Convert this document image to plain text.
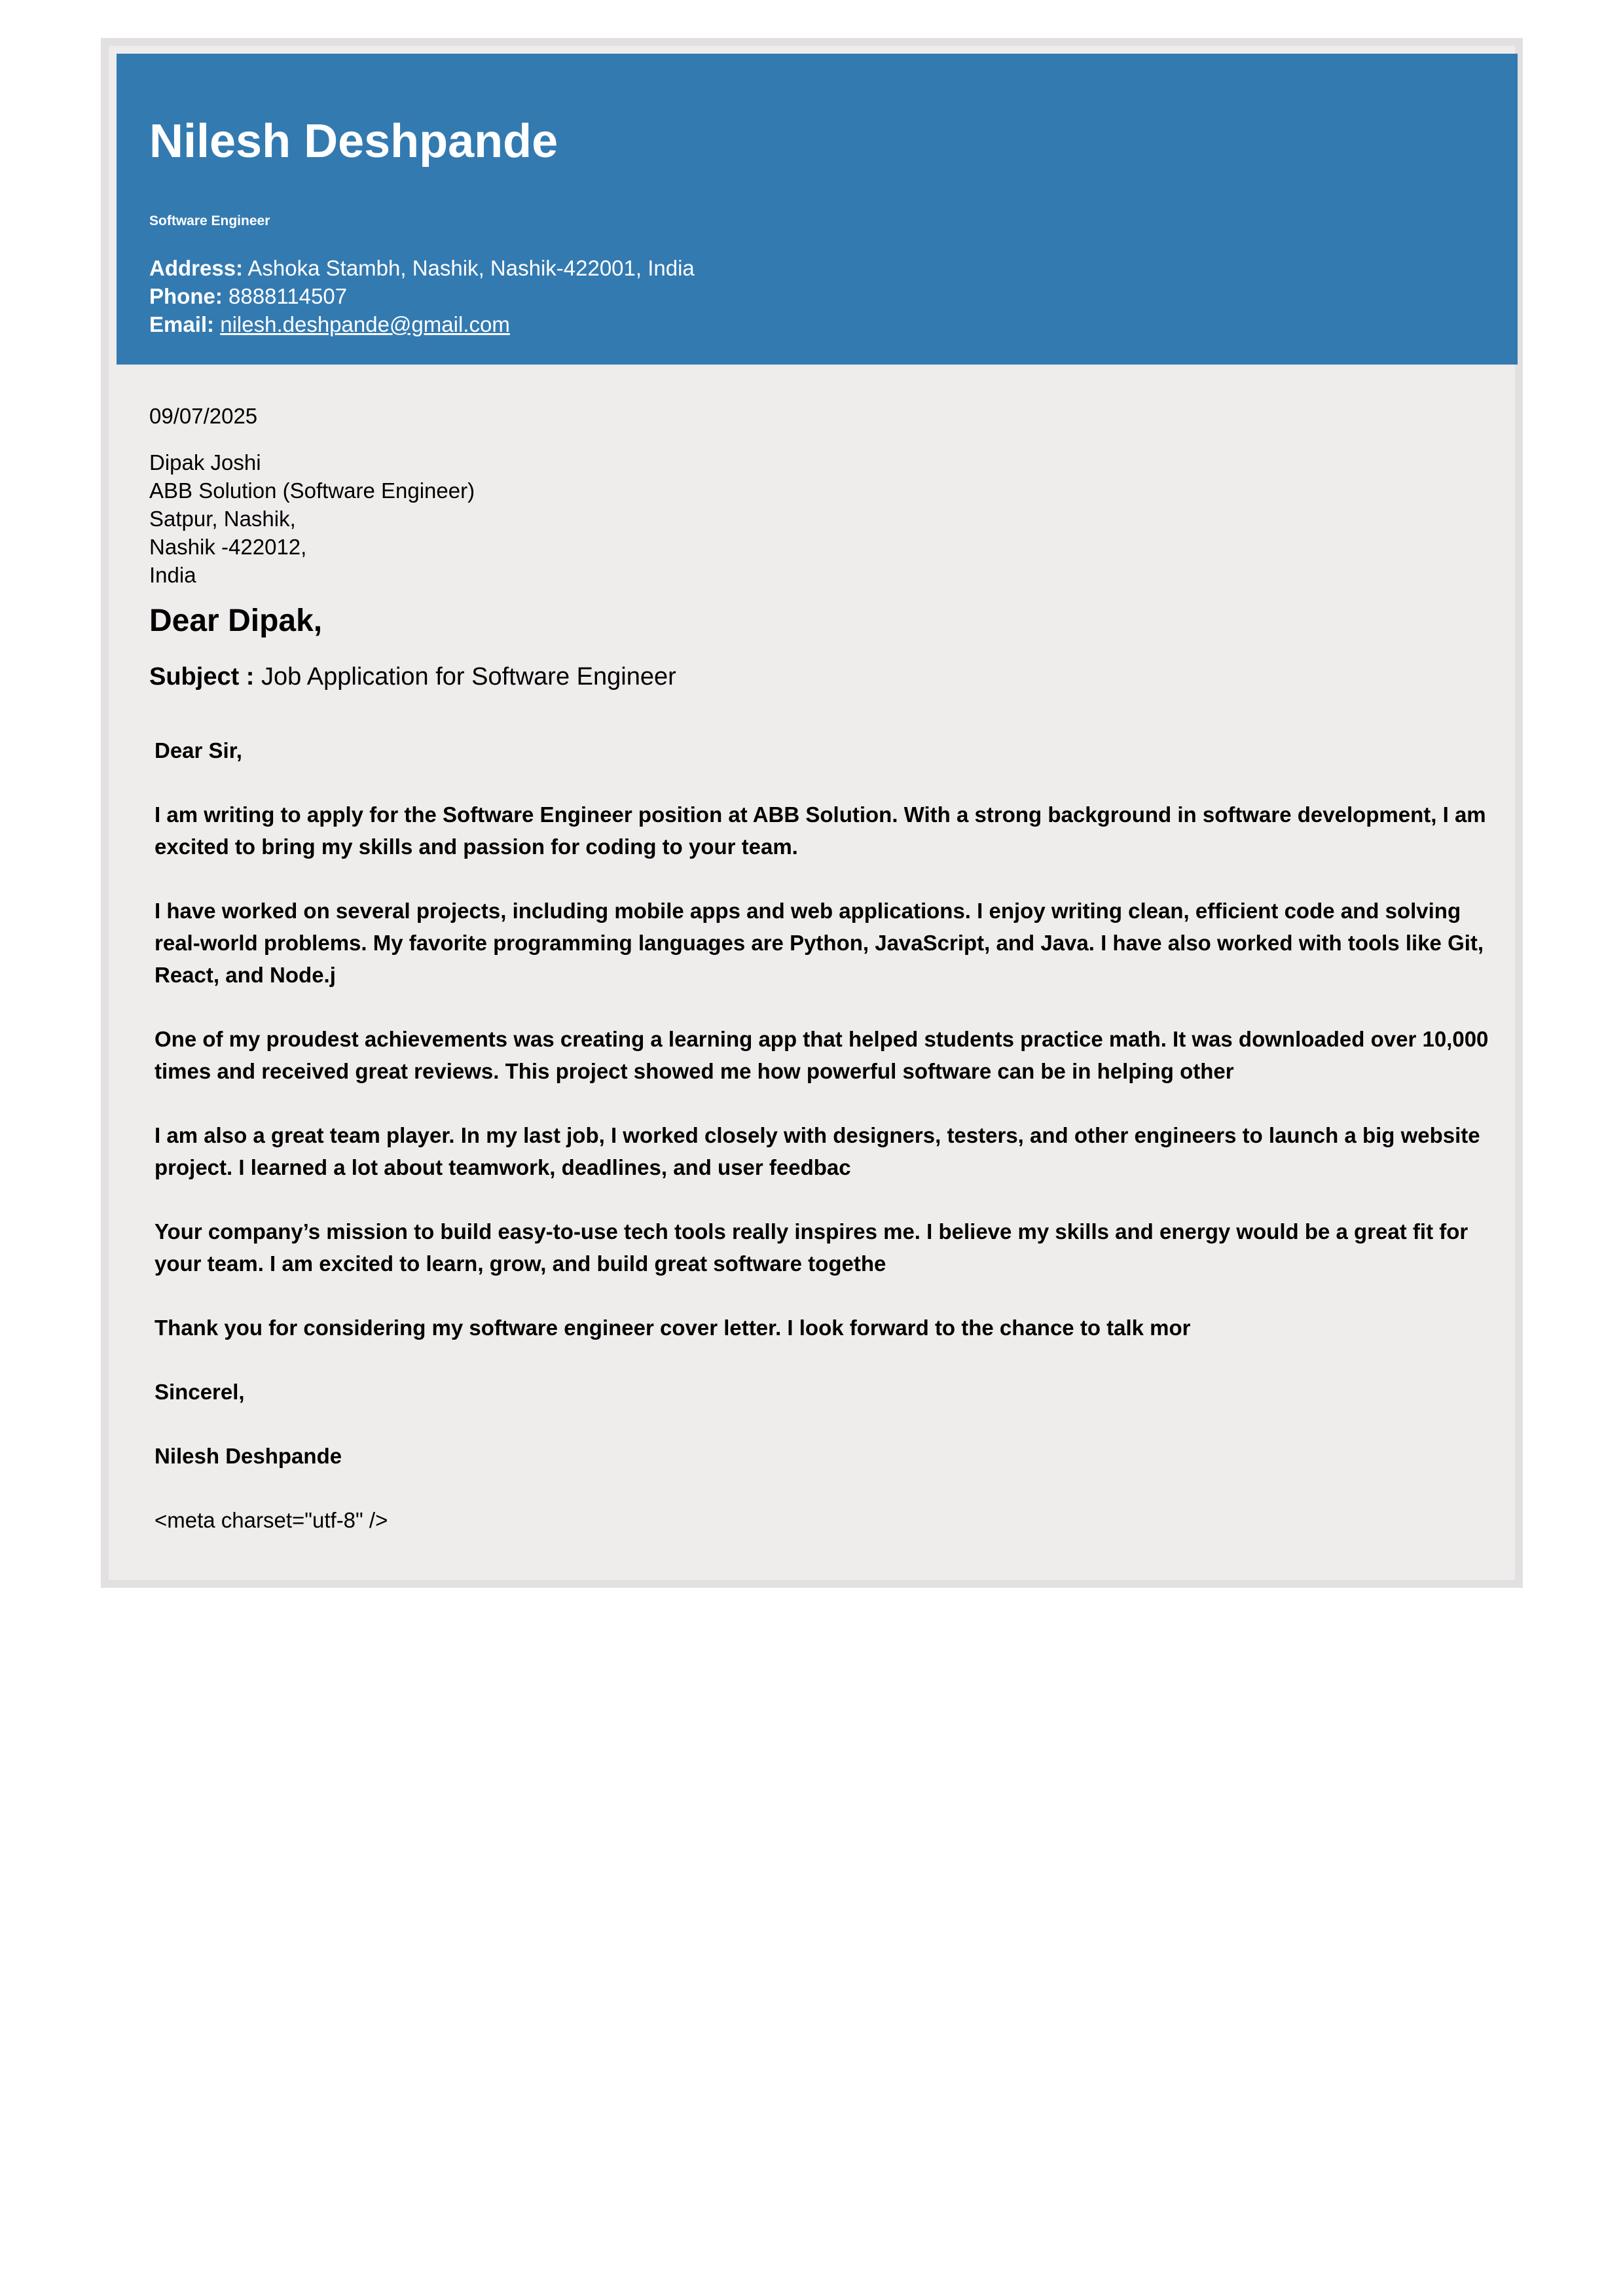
Nilesh Deshpande
Software Engineer
Address: Ashoka Stambh, Nashik, Nashik-422001, India
Phone: 8888114507
Email: nilesh.deshpande@gmail.com
09/07/2025
Dipak Joshi
ABB Solution (Software Engineer)
Satpur, Nashik,
Nashik -422012,
India
Dear Dipak,
Subject : Job Application for Software Engineer

Dear Sir,

I am writing to apply for the Software Engineer position at ABB Solution. With a strong background in software development, I am excited to bring my skills and passion for coding to your team.

I have worked on several projects, including mobile apps and web applications. I enjoy writing clean, efficient code and solving real-world problems. My favorite programming languages are Python, JavaScript, and Java. I have also worked with tools like Git, React, and Node.j

One of my proudest achievements was creating a learning app that helped students practice math. It was downloaded over 10,000 times and received great reviews. This project showed me how powerful software can be in helping other

I am also a great team player. In my last job, I worked closely with designers, testers, and other engineers to launch a big website project. I learned a lot about teamwork, deadlines, and user feedbac

Your company’s mission to build easy-to-use tech tools really inspires me. I believe my skills and energy would be a great fit for your team. I am excited to learn, grow, and build great software togethe

Thank you for considering my software engineer cover letter. I look forward to the chance to talk mor

Sincerel,

Nilesh Deshpande

<meta charset="utf-8" />
